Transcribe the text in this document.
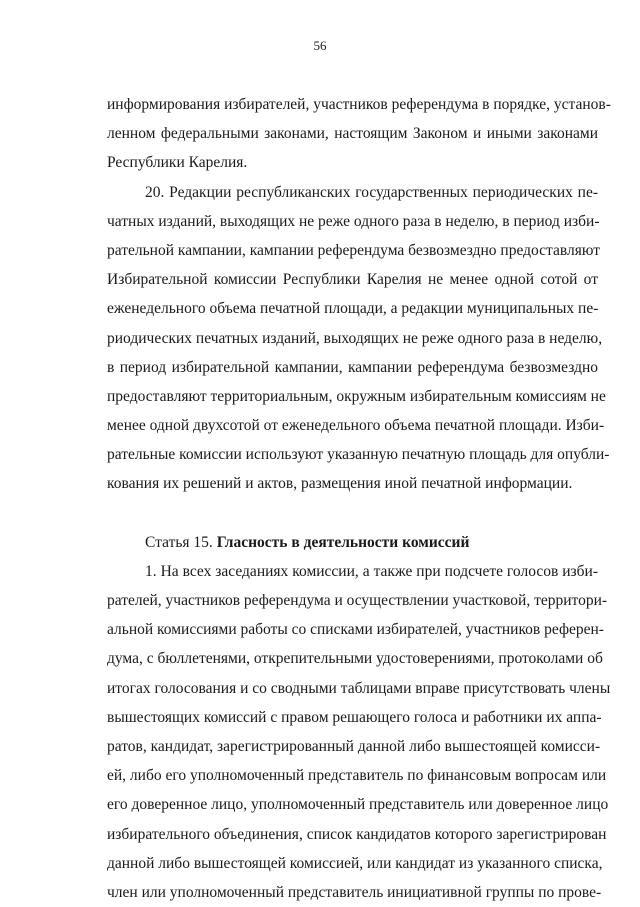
56
информирования избирателей, участников референдума в порядке, установ-
ленном федеральными законами, настоящим Законом и иными законами
Республики Карелия.
20. Редакции республиканских государственных периодических пе-
чатных изданий, выходящих не реже одного раза в неделю, в период изби-
рательной кампании, кампании референдума безвозмездно предоставляют
Избирательной комиссии Республики Карелия не менее одной сотой от
еженедельного объема печатной площади, а редакции муниципальных пе-
риодических печатных изданий, выходящих не реже одного раза в неделю,
в период избирательной кампании, кампании референдума безвозмездно
предоставляют территориальным, окружным избирательным комиссиям не
менее одной двухсотой от еженедельного объема печатной площади. Изби-
рательные комиссии используют указанную печатную площадь для опубли-
кования их решений и актов, размещения иной печатной информации.
Статья 15. Гласность в деятельности комиссий
1. На всех заседаниях комиссии, а также при подсчете голосов изби-
рателей, участников референдума и осуществлении участковой, территори-
альной комиссиями работы со списками избирателей, участников референ-
дума, с бюллетенями, открепительными удостоверениями, протоколами об
итогах голосования и со сводными таблицами вправе присутствовать члены
вышестоящих комиссий с правом решающего голоса и работники их аппа-
ратов, кандидат, зарегистрированный данной либо вышестоящей комисси-
ей, либо его уполномоченный представитель по финансовым вопросам или
его доверенное лицо, уполномоченный представитель или доверенное лицо
избирательного объединения, список кандидатов которого зарегистрирован
данной либо вышестоящей комиссией, или кандидат из указанного списка,
член или уполномоченный представитель инициативной группы по прове-
